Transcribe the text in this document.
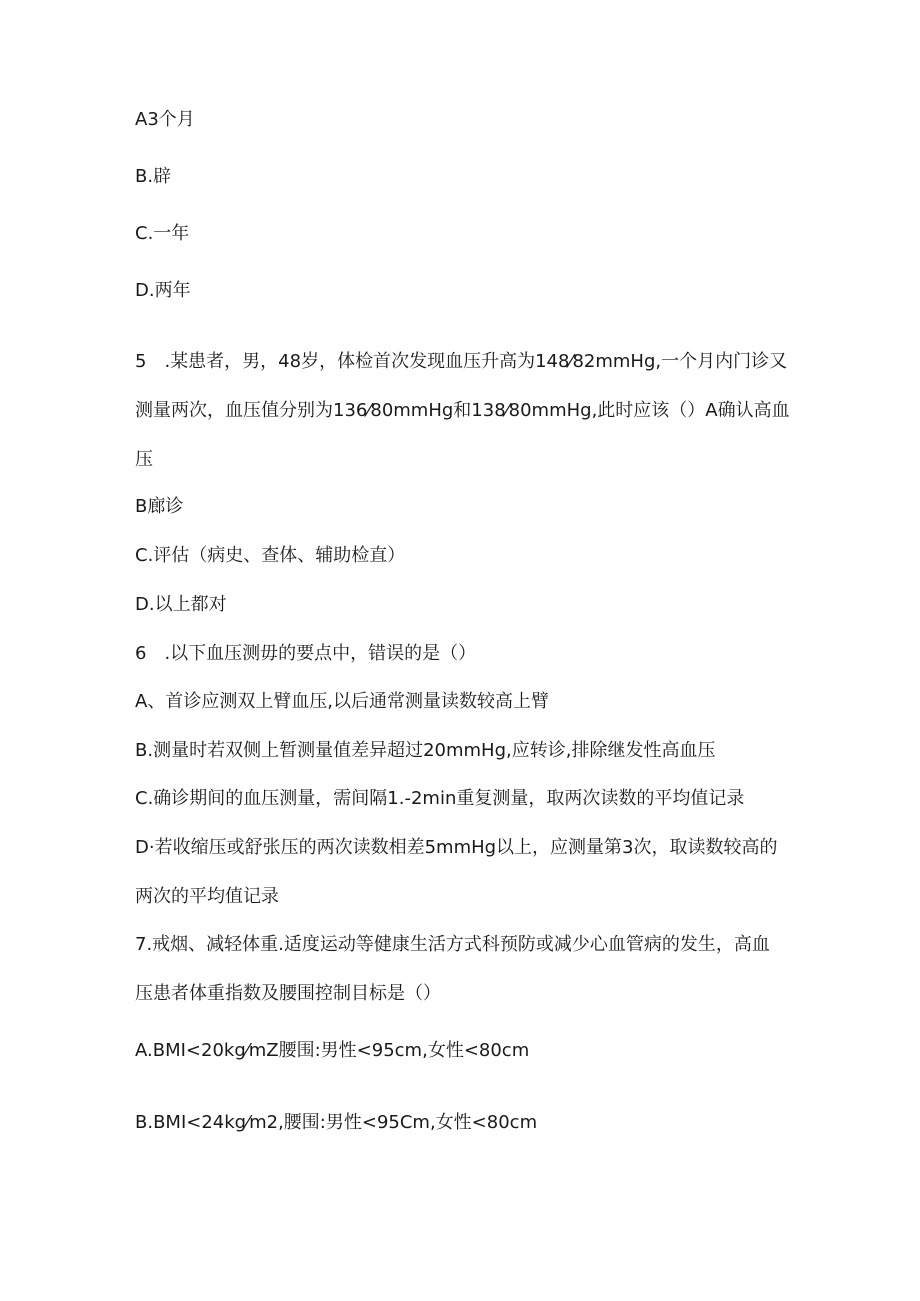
A3个月
B.辟
C.一年
D.两年
5　.某患者，男，48岁，体检首次发现血压升高为148⁄82mmHg,一个月内门诊又
测量两次，血压值分别为136⁄80mmHg和138⁄80mmHg,此时应该（）A确认高血
压
B廊诊
C.评估（病史、查体、辅助检直）
D.以上都对
6　.以下血压测毋的要点中，错误的是（）
A、首诊应测双上臂血压,以后通常测量读数较高上臂
B.测量时若双侧上暂测量值差异超过20mmHg,应转诊,排除继发性高血压
C.确诊期间的血压测量，需间隔1.-2min重复测量，取两次读数的平均值记录
D·若收缩压或舒张压的两次读数相差5mmHg以上，应测量第3次，取读数较高的
两次的平均值记录
7.戒烟、减轻体重.适度运动等健康生活方式科预防或减少心血管病的发生，高血
压患者体重指数及腰围控制目标是（）
A.BMI<20kg⁄mZ腰围:男性<95cm,女性<80cm
B.BMI<24kg⁄m2,腰围:男性<95Cm,女性<80cm
